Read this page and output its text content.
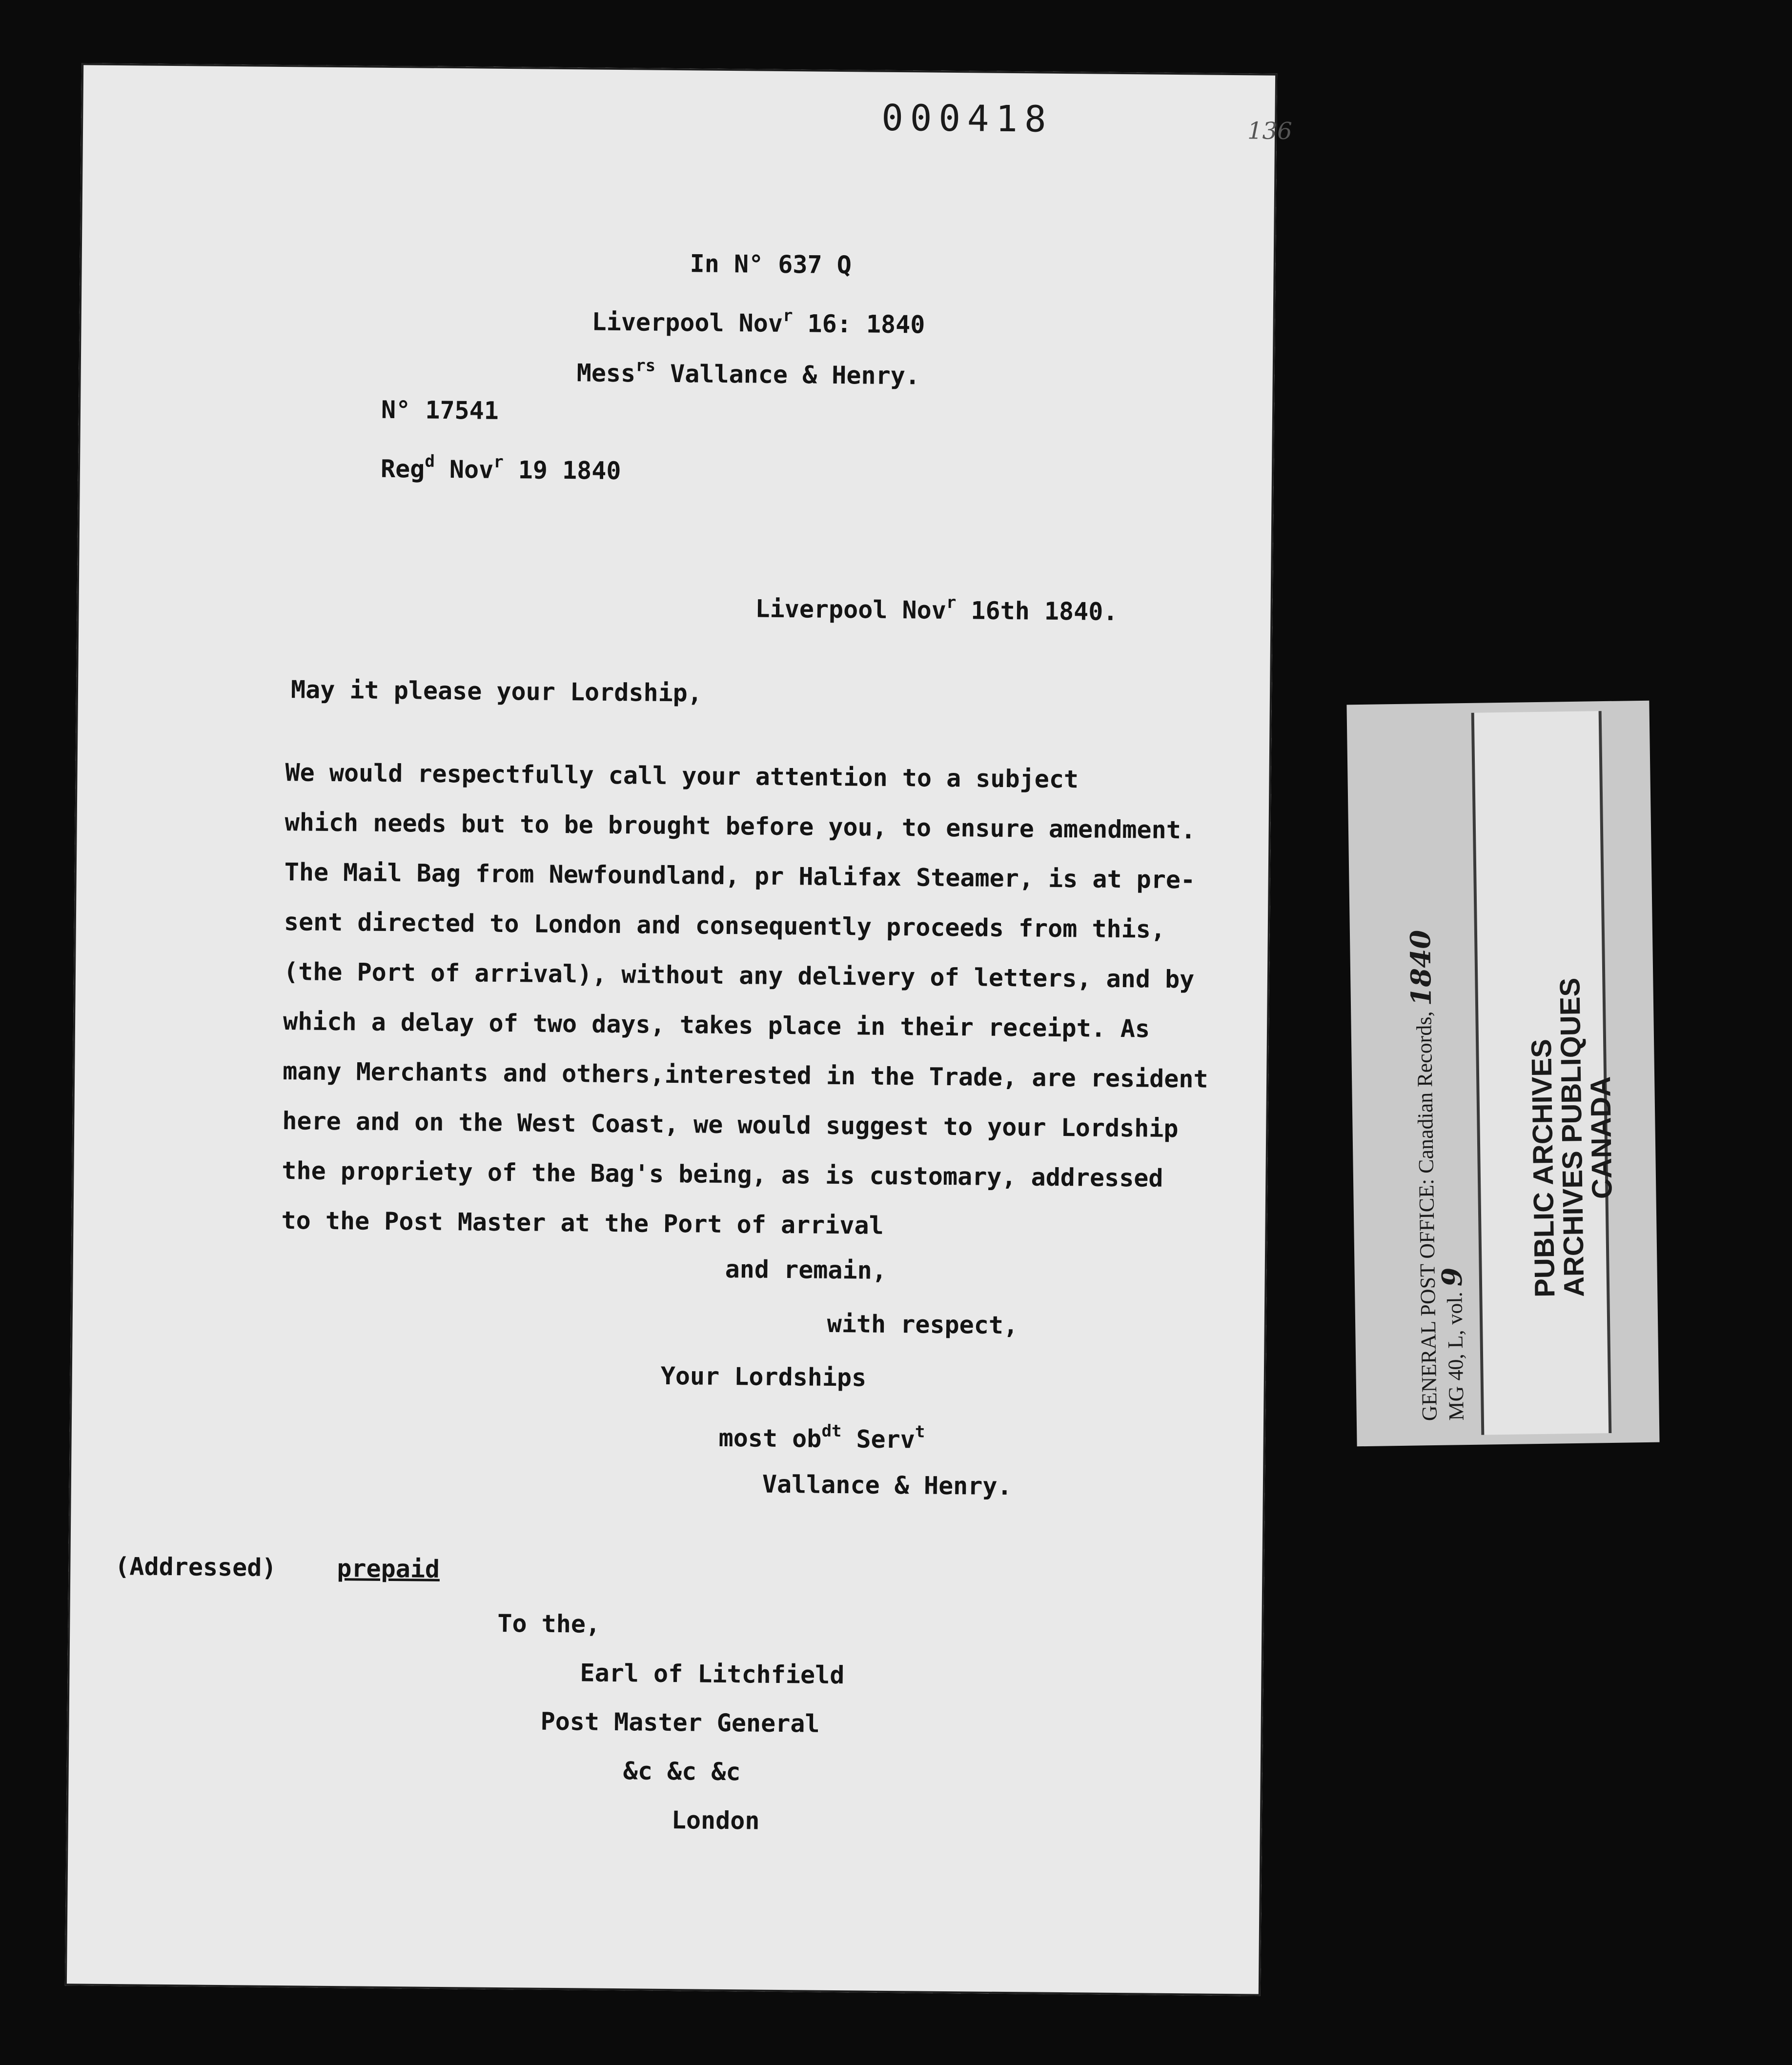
000418	136
In N° 637 Q
Liverpool Nov$^r$ 16: 1840
Mess$^{rs}$ Vallance & Henry.
N° 17541
Reg$^d$ Nov$^r$ 19 1840
Liverpool Nov$^r$ 16th 1840.
May it please your Lordship,
We would respectfully call your attention to a subject
which needs but to be brought before you, to ensure amendment.
The Mail Bag from Newfoundland, pr Halifax Steamer, is at pre-
sent directed to London and consequently proceeds from this,
(the Port of arrival), without any delivery of letters, and by
which a delay of two days, takes place in their receipt. As
many Merchants and others,interested in the Trade, are resident
here and on the West Coast, we would suggest to your Lordship
the propriety of the Bag's being, as is customary, addressed
to the Post Master at the Port of arrival
and remain,
with respect,
Your Lordships
most $ob^{dt}$ Serv$^t$
Vallance & Henry.
(Addressed) prepaid
To the,
Earl of Litchfield
Post Master General
&c &c &c
London
GENERAL POST OFFICE: Canadian Records, 1840
MG 40, L, vol. 9 PUBLIC ARCHIVES
ARCHIVES PUBLIQUES
CANADA
